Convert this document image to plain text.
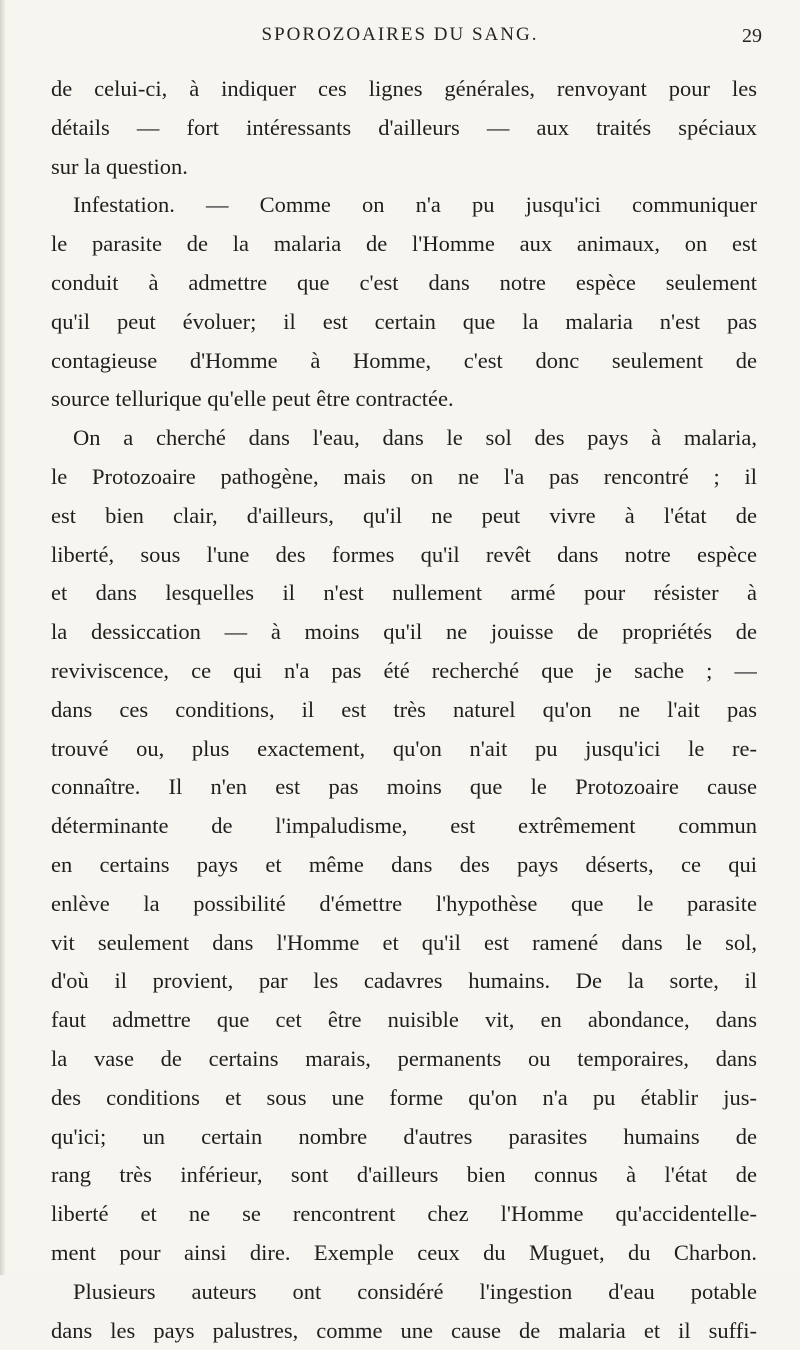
SPOROZOAIRES DU SANG.	29
de celui-ci, à indiquer ces lignes générales, renvoyant pour les
détails — fort intéressants d'ailleurs — aux traités spéciaux
sur la question.
Infestation. — Comme on n'a pu jusqu'ici communiquer
le parasite de la malaria de l'Homme aux animaux, on est
conduit à admettre que c'est dans notre espèce seulement
qu'il peut évoluer; il est certain que la malaria n'est pas
contagieuse d'Homme à Homme, c'est donc seulement de
source tellurique qu'elle peut être contractée.
On a cherché dans l'eau, dans le sol des pays à malaria,
le Protozoaire pathogène, mais on ne l'a pas rencontré ; il
est bien clair, d'ailleurs, qu'il ne peut vivre à l'état de
liberté, sous l'une des formes qu'il revêt dans notre espèce
et dans lesquelles il n'est nullement armé pour résister à
la dessiccation — à moins qu'il ne jouisse de propriétés de
reviviscence, ce qui n'a pas été recherché que je sache ; —
dans ces conditions, il est très naturel qu'on ne l'ait pas
trouvé ou, plus exactement, qu'on n'ait pu jusqu'ici le re-
connaître. Il n'en est pas moins que le Protozoaire cause
déterminante de l'impaludisme, est extrêmement commun
en certains pays et même dans des pays déserts, ce qui
enlève la possibilité d'émettre l'hypothèse que le parasite
vit seulement dans l'Homme et qu'il est ramené dans le sol,
d'où il provient, par les cadavres humains. De la sorte, il
faut admettre que cet être nuisible vit, en abondance, dans
la vase de certains marais, permanents ou temporaires, dans
des conditions et sous une forme qu'on n'a pu établir jus-
qu'ici; un certain nombre d'autres parasites humains de
rang très inférieur, sont d'ailleurs bien connus à l'état de
liberté et ne se rencontrent chez l'Homme qu'accidentelle-
ment pour ainsi dire. Exemple ceux du Muguet, du Charbon.
Plusieurs auteurs ont considéré l'ingestion d'eau potable
dans les pays palustres, comme une cause de malaria et il suffi-
